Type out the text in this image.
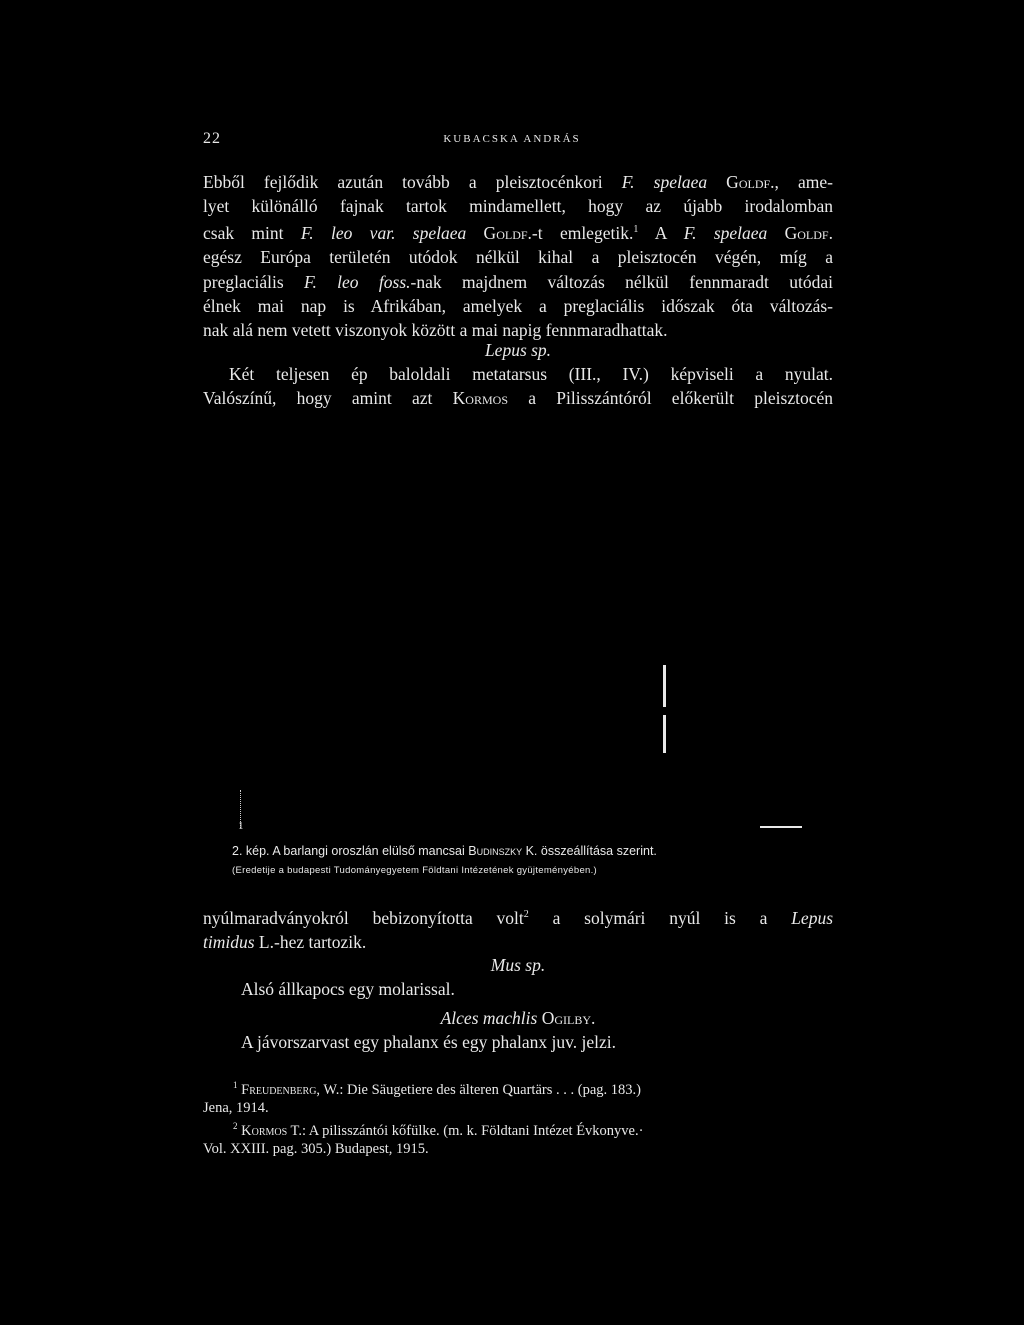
22	KUBACSKA ANDRÁS
Ebből fejlődik azután tovább a pleisztocénkori F. spelaea Goldf., ame-
lyet különálló fajnak tartok mindamellett, hogy az újabb irodalomban
csak mint F. leo var. spelaea Goldf.-t emlegetik.$^1$ A F. spelaea Goldf.
egész Európa területén utódok nélkül kihal a pleisztocén végén, míg a
preglaciális F. leo foss.-nak majdnem változás nélkül fennmaradt utódai
élnek mai nap is Afrikában, amelyek a preglaciális időszak óta változás-
nak alá nem vetett viszonyok között a mai napig fennmaradhattak.

Lepus sp.

Két teljesen ép baloldali metatarsus (III., IV.) képviseli a nyulat.
Valószínű, hogy amint azt Kormos a Pilisszántóról előkerült pleisztocén
1
2. kép. A barlangi oroszlán elülső mancsai Budinszky K. összeállítása szerint.
(Eredetije a budapesti Tudományegyetem Földtani Intézetének gyüjteményében.)
nyúlmaradványokról bebizonyította volt$^2$ a solymári nyúl is a Lepus
timidus L.-hez tartozik.

Mus sp.

Alsó állkapocs egy molarissal.

Alces machlis Ogilby.

A jávorszarvast egy phalanx és egy phalanx juv. jelzi.

$^1$ Freudenberg, W.: Die Säugetiere des älteren Quartärs . . . (pag. 183.)
Jena, 1914.
$^2$ Kormos T.: A pilisszántói kőfülke. (m. k. Földtani Intézet Évkonyve.·
Vol. XXIII. pag. 305.) Budapest, 1915.
